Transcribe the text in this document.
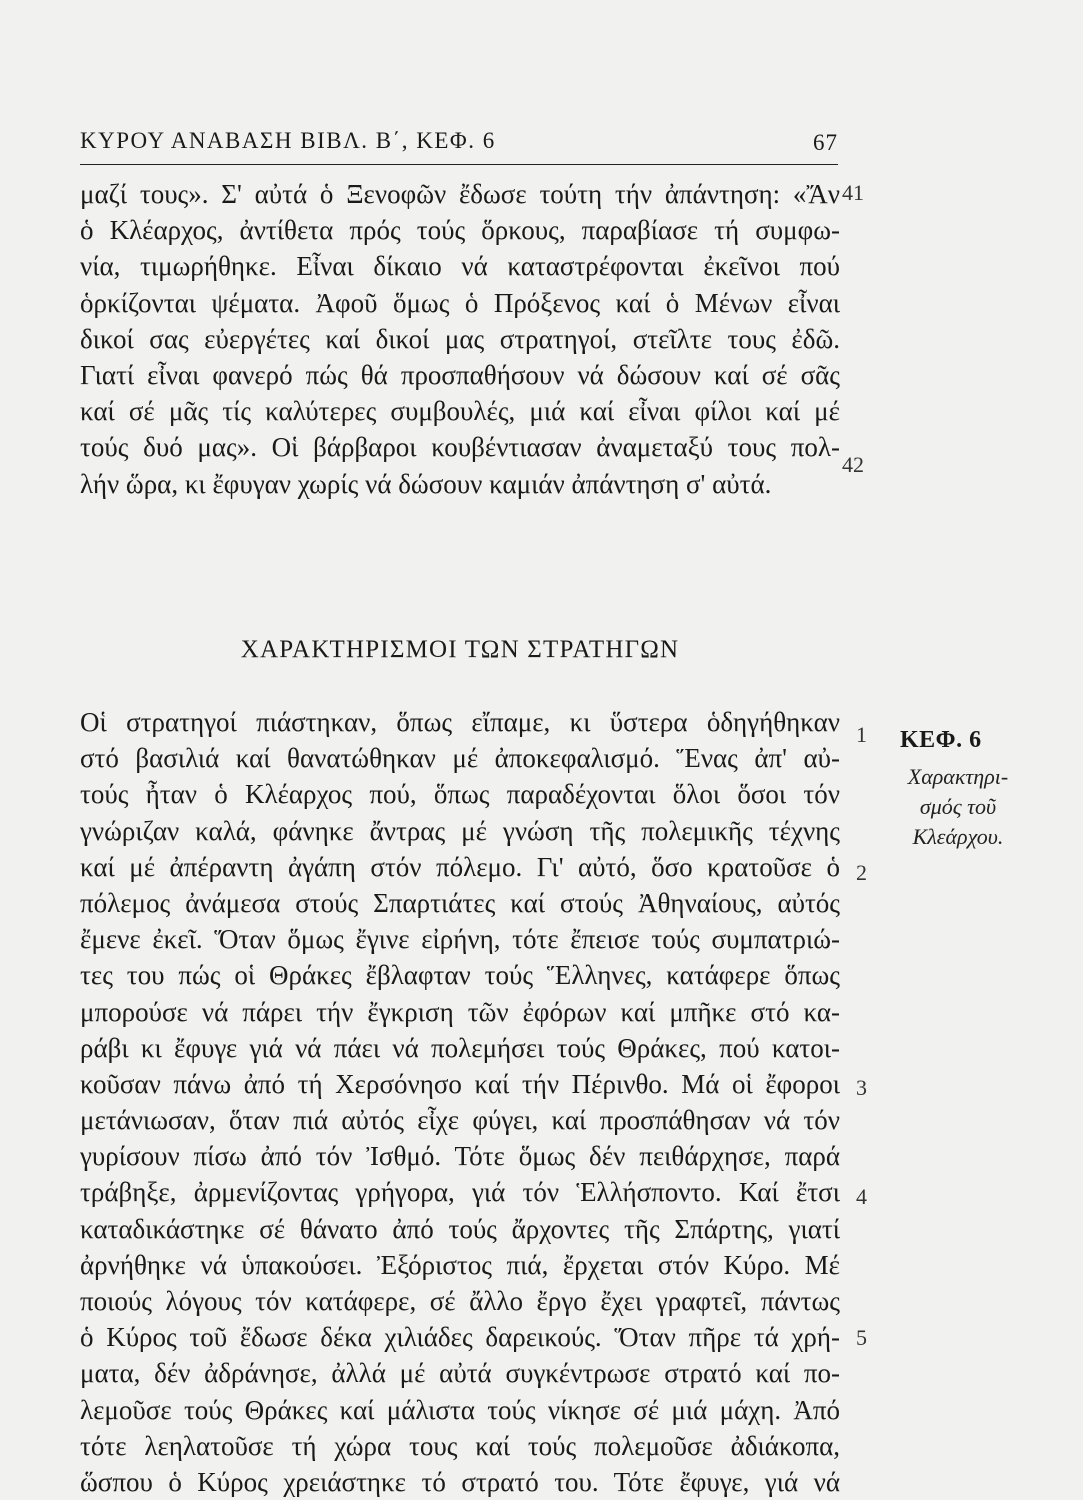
ΚΥΡΟΥ ΑΝΑΒΑΣΗ ΒΙΒΛ. Β΄, ΚΕΦ. 6	67
μαζί τους». Σ' αὐτά ὁ Ξενοφῶν ἔδωσε τούτη τήν ἀπάντηση: «Ἄν
ὁ Κλέαρχος, ἀντίθετα πρός τούς ὅρκους, παραβίασε τή συμφω-
νία, τιμωρήθηκε. Εἶναι δίκαιο νά καταστρέφονται ἐκεῖνοι πού
ὁρκίζονται ψέματα. Ἀφοῦ ὅμως ὁ Πρόξενος καί ὁ Μένων εἶναι
δικοί σας εὐεργέτες καί δικοί μας στρατηγοί, στεῖλτε τους ἐδῶ.
Γιατί εἶναι φανερό πώς θά προσπαθήσουν νά δώσουν καί σέ σᾶς
καί σέ μᾶς τίς καλύτερες συμβουλές, μιά καί εἶναι φίλοι καί μέ
τούς δυό μας». Οἱ βάρβαροι κουβέντιασαν ἀναμεταξύ τους πολ-
λήν ὥρα, κι ἔφυγαν χωρίς νά δώσουν καμιάν ἀπάντηση σ' αὐτά.
ΧΑΡΑΚΤΗΡΙΣΜΟΙ ΤΩΝ ΣΤΡΑΤΗΓΩΝ
Οἱ στρατηγοί πιάστηκαν, ὅπως εἴπαμε, κι ὕστερα ὁδηγήθηκαν
στό βασιλιά καί θανατώθηκαν μέ ἀποκεφαλισμό. Ἕνας ἀπ' αὐ-
τούς ἦταν ὁ Κλέαρχος πού, ὅπως παραδέχονται ὅλοι ὅσοι τόν
γνώριζαν καλά, φάνηκε ἄντρας μέ γνώση τῆς πολεμικῆς τέχνης
καί μέ ἀπέραντη ἀγάπη στόν πόλεμο. Γι' αὐτό, ὅσο κρατοῦσε ὁ
πόλεμος ἀνάμεσα στούς Σπαρτιάτες καί στούς Ἀθηναίους, αὐτός
ἔμενε ἐκεῖ. Ὅταν ὅμως ἔγινε εἰρήνη, τότε ἔπεισε τούς συμπατριώ-
τες του πώς οἱ Θράκες ἔβλαφταν τούς Ἕλληνες, κατάφερε ὅπως
μπορούσε νά πάρει τήν ἔγκριση τῶν ἐφόρων καί μπῆκε στό κα-
ράβι κι ἔφυγε γιά νά πάει νά πολεμήσει τούς Θράκες, πού κατοι-
κοῦσαν πάνω ἀπό τή Χερσόνησο καί τήν Πέρινθο. Μά οἱ ἔφοροι
μετάνιωσαν, ὅταν πιά αὐτός εἶχε φύγει, καί προσπάθησαν νά τόν
γυρίσουν πίσω ἀπό τόν Ἰσθμό. Τότε ὅμως δέν πειθάρχησε, παρά
τράβηξε, ἀρμενίζοντας γρήγορα, γιά τόν Ἑλλήσποντο. Καί ἔτσι
καταδικάστηκε σέ θάνατο ἀπό τούς ἄρχοντες τῆς Σπάρτης, γιατί
ἀρνήθηκε νά ὑπακούσει. Ἐξόριστος πιά, ἔρχεται στόν Κύρο. Μέ
ποιούς λόγους τόν κατάφερε, σέ ἄλλο ἔργο ἔχει γραφτεῖ, πάντως
ὁ Κύρος τοῦ ἔδωσε δέκα χιλιάδες δαρεικούς. Ὅταν πῆρε τά χρή-
ματα, δέν ἀδράνησε, ἀλλά μέ αὐτά συγκέντρωσε στρατό καί πο-
λεμοῦσε τούς Θράκες καί μάλιστα τούς νίκησε σέ μιά μάχη. Ἀπό
τότε λεηλατοῦσε τή χώρα τους καί τούς πολεμοῦσε ἀδιάκοπα,
ὥσπου ὁ Κύρος χρειάστηκε τό στρατό του. Τότε ἔφυγε, γιά νά
41
42
1
2
3
4
5
ΚΕΦ. 6
Χαρακτηρι-
σμός τοῦ
Κλεάρχου.
